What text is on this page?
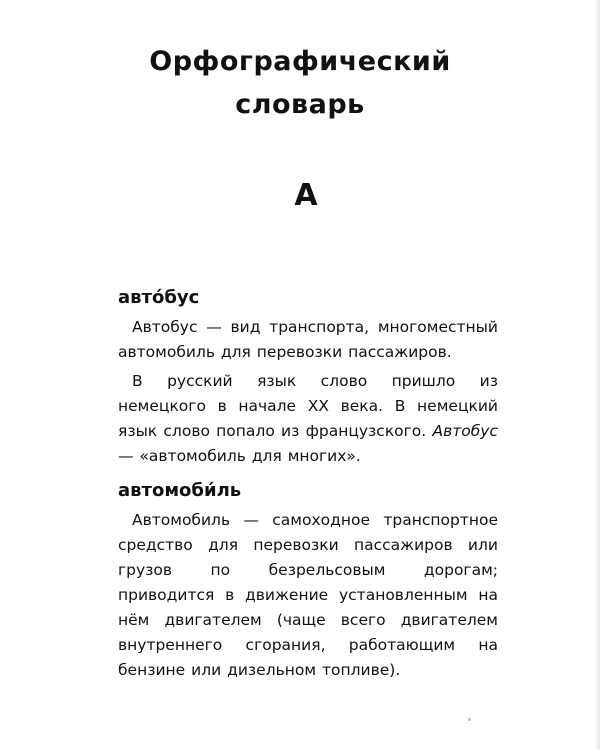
Орфографический
словарь
А
авто́бус

Автобус — вид транспорта, многоместный автомобиль для перевозки пассажиров.

В русский язык слово пришло из немецкого в начале XX века. В немецкий язык слово попало из французского. Автобус — «автомобиль для многих».

автомоби́ль

Автомобиль — самоходное транспортное средство для перевозки пассажиров или грузов по безрельсовым дорогам; приводится в движение установленным на нём двигателем (чаще всего двигателем внутреннего сгорания, работающим на бензине или дизельном топливе).
